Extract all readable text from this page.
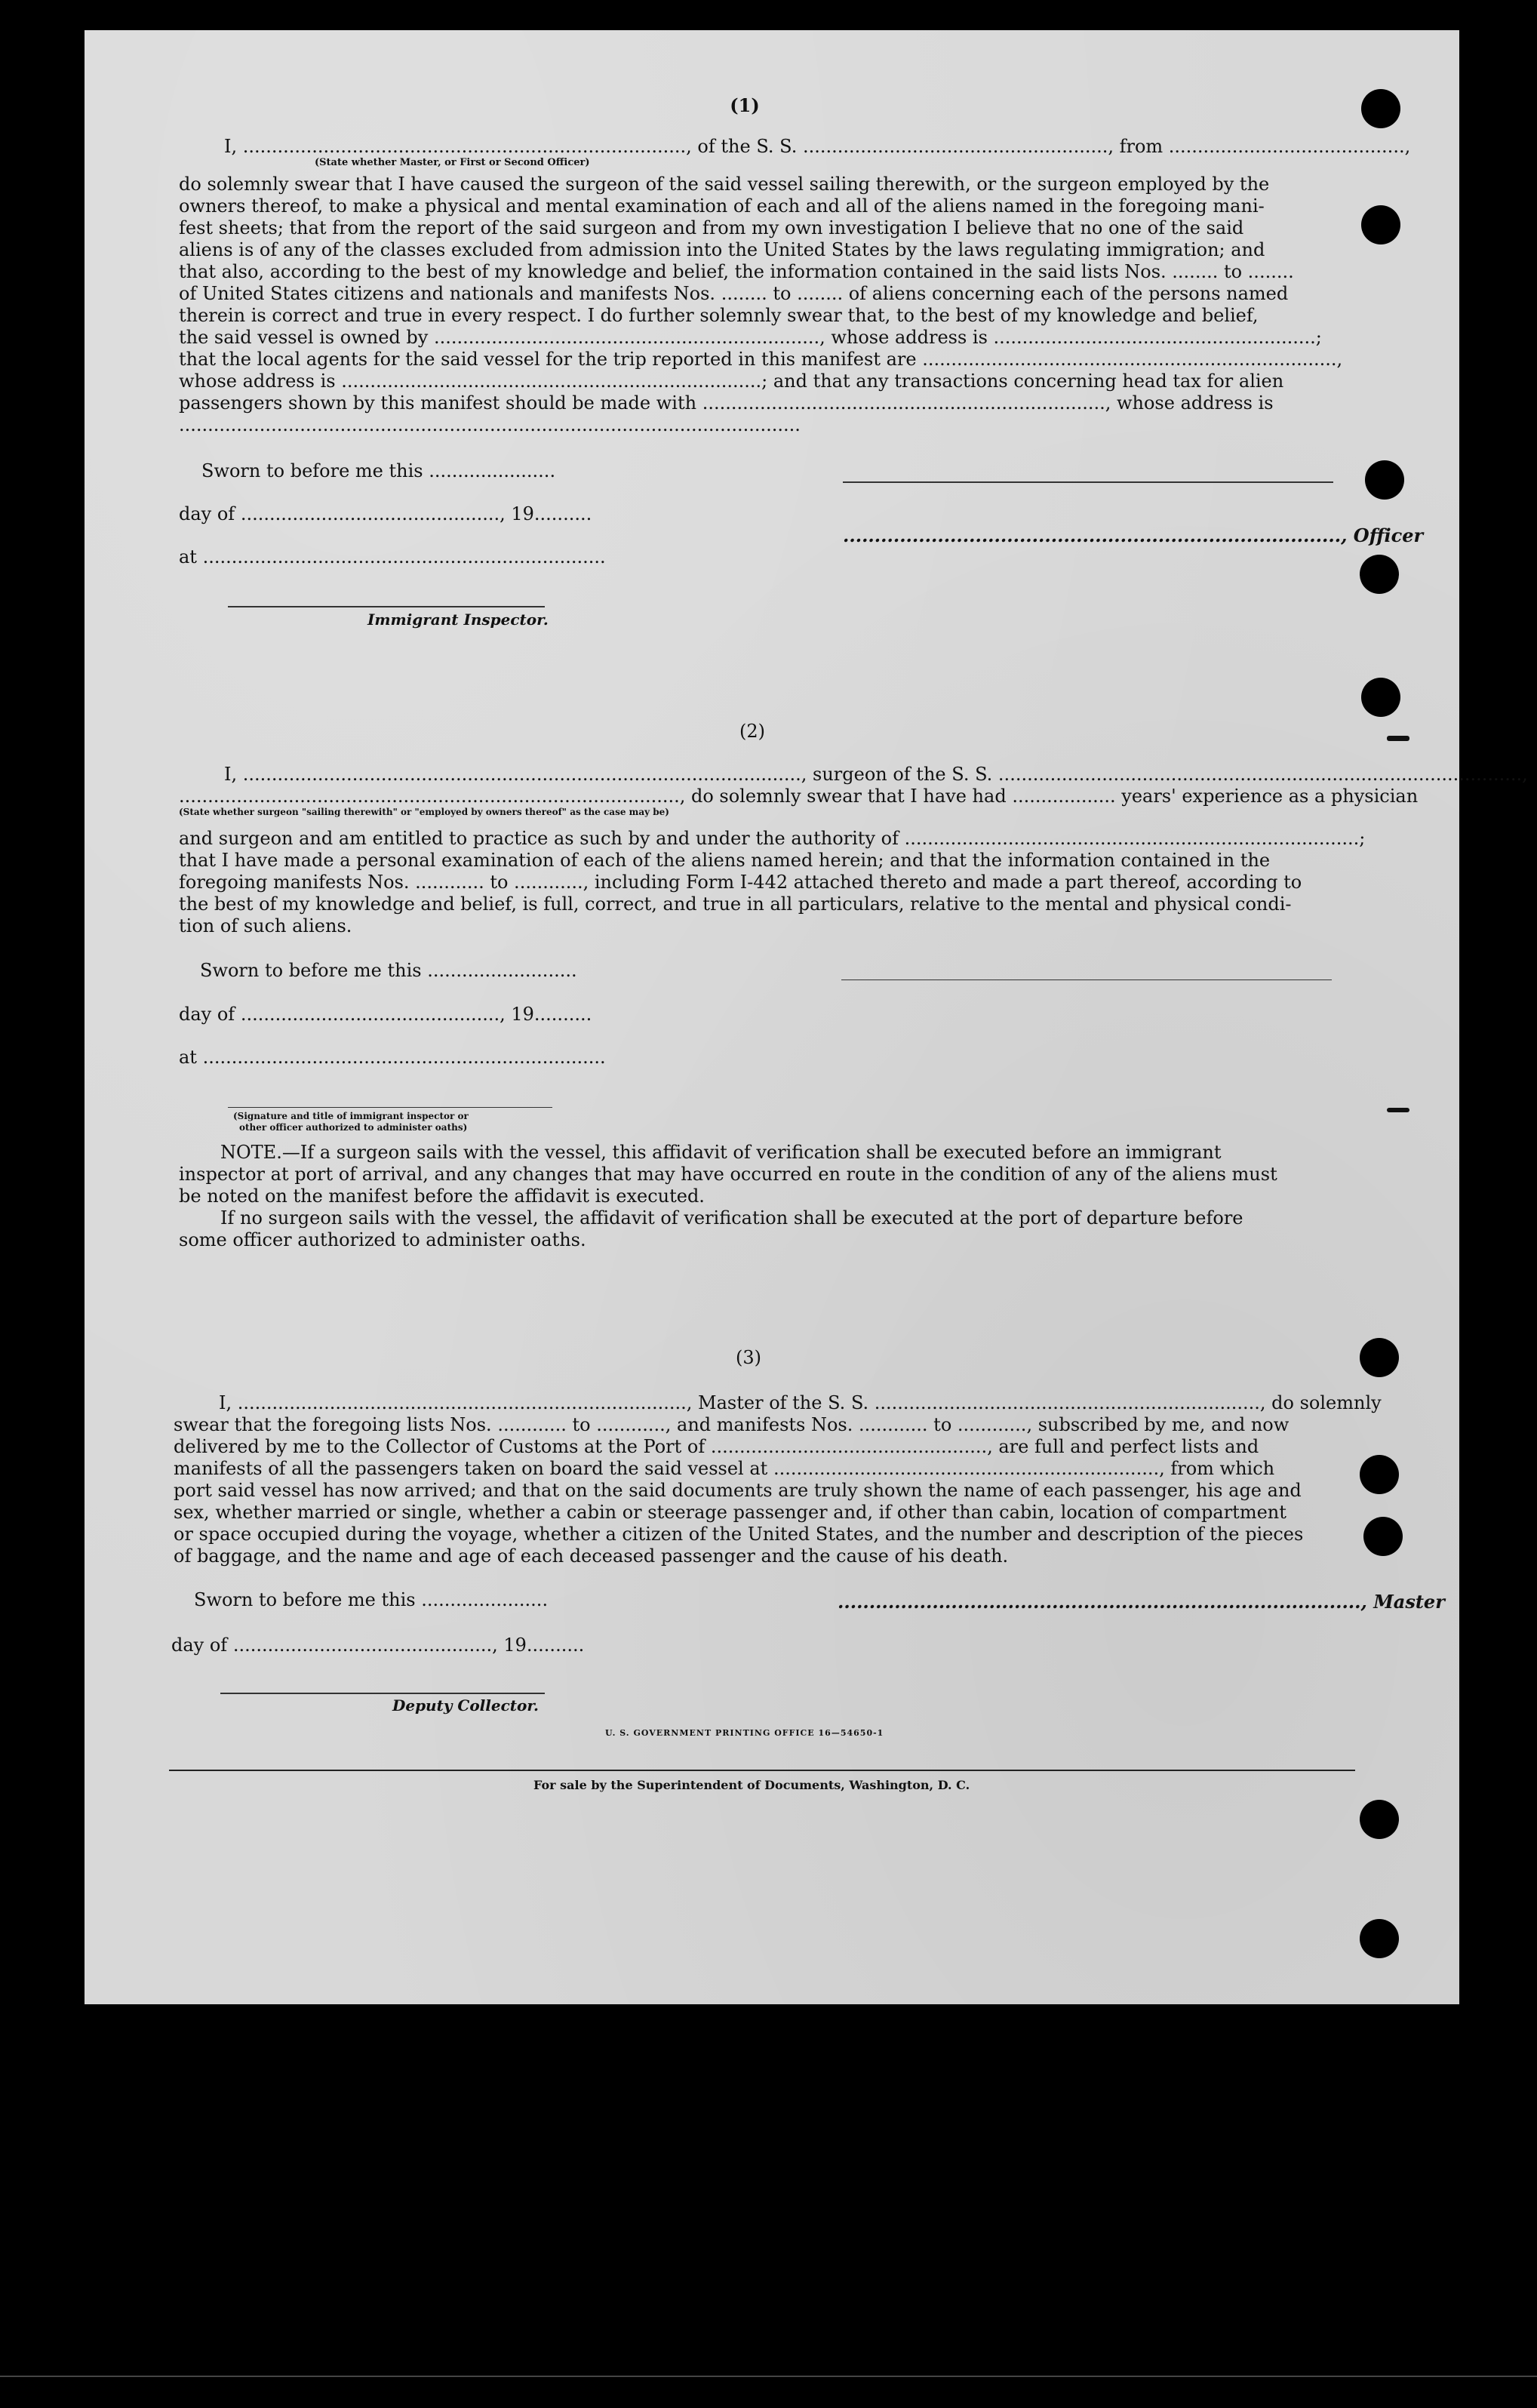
(1)
I, ............................................................................., of the S. S. ....................................................., from .........................................,
(State whether Master, or First or Second Officer)
do solemnly swear that I have caused the surgeon of the said vessel sailing therewith, or the surgeon employed by the
owners thereof, to make a physical and mental examination of each and all of the aliens named in the foregoing mani-
fest sheets; that from the report of the said surgeon and from my own investigation I believe that no one of the said
aliens is of any of the classes excluded from admission into the United States by the laws regulating immigration; and
that also, according to the best of my knowledge and belief, the information contained in the said lists Nos. ........ to ........
of United States citizens and nationals and manifests Nos. ........ to ........ of aliens concerning each of the persons named
therein is correct and true in every respect. I do further solemnly swear that, to the best of my knowledge and belief,
the said vessel is owned by ..................................................................., whose address is ........................................................;
that the local agents for the said vessel for the trip reported in this manifest are ........................................................................,
whose address is .........................................................................; and that any transactions concerning head tax for alien
passengers shown by this manifest should be made with ......................................................................, whose address is
............................................................................................................
Sworn to before me this ......................
day of ............................................., 19..........
..............................................................................., Officer
at ......................................................................
Immigrant Inspector.
(2)
I, ................................................................................................., surgeon of the S. S. ...........................................................................................,
......................................................................................., do solemnly swear that I have had .................. years' experience as a physician
(State whether surgeon "sailing therewith" or "employed by owners thereof" as the case may be)
and surgeon and am entitled to practice as such by and under the authority of ...............................................................................;
that I have made a personal examination of each of the aliens named herein; and that the information contained in the
foregoing manifests Nos. ............ to ............, including Form I-442 attached thereto and made a part thereof, according to
the best of my knowledge and belief, is full, correct, and true in all particulars, relative to the mental and physical condi-
tion of such aliens.
Sworn to before me this ..........................
day of ............................................., 19..........
at ......................................................................
(Signature and title of immigrant inspector or
other officer authorized to administer oaths)
NOTE.—If a surgeon sails with the vessel, this affidavit of verification shall be executed before an immigrant
inspector at port of arrival, and any changes that may have occurred en route in the condition of any of the aliens must
be noted on the manifest before the affidavit is executed.
If no surgeon sails with the vessel, the affidavit of verification shall be executed at the port of departure before
some officer authorized to administer oaths.
(3)
I, .............................................................................., Master of the S. S. ..................................................................., do solemnly
swear that the foregoing lists Nos. ............ to ............, and manifests Nos. ............ to ............, subscribed by me, and now
delivered by me to the Collector of Customs at the Port of ................................................, are full and perfect lists and
manifests of all the passengers taken on board the said vessel at ..................................................................., from which
port said vessel has now arrived; and that on the said documents are truly shown the name of each passenger, his age and
sex, whether married or single, whether a cabin or steerage passenger and, if other than cabin, location of compartment
or space occupied during the voyage, whether a citizen of the United States, and the number and description of the pieces
of baggage, and the name and age of each deceased passenger and the cause of his death.
Sworn to before me this ......................	..................................................................................., Master
day of ............................................., 19..........
Deputy Collector.
U. S. GOVERNMENT PRINTING OFFICE 16—54650-1
For sale by the Superintendent of Documents, Washington, D. C.
